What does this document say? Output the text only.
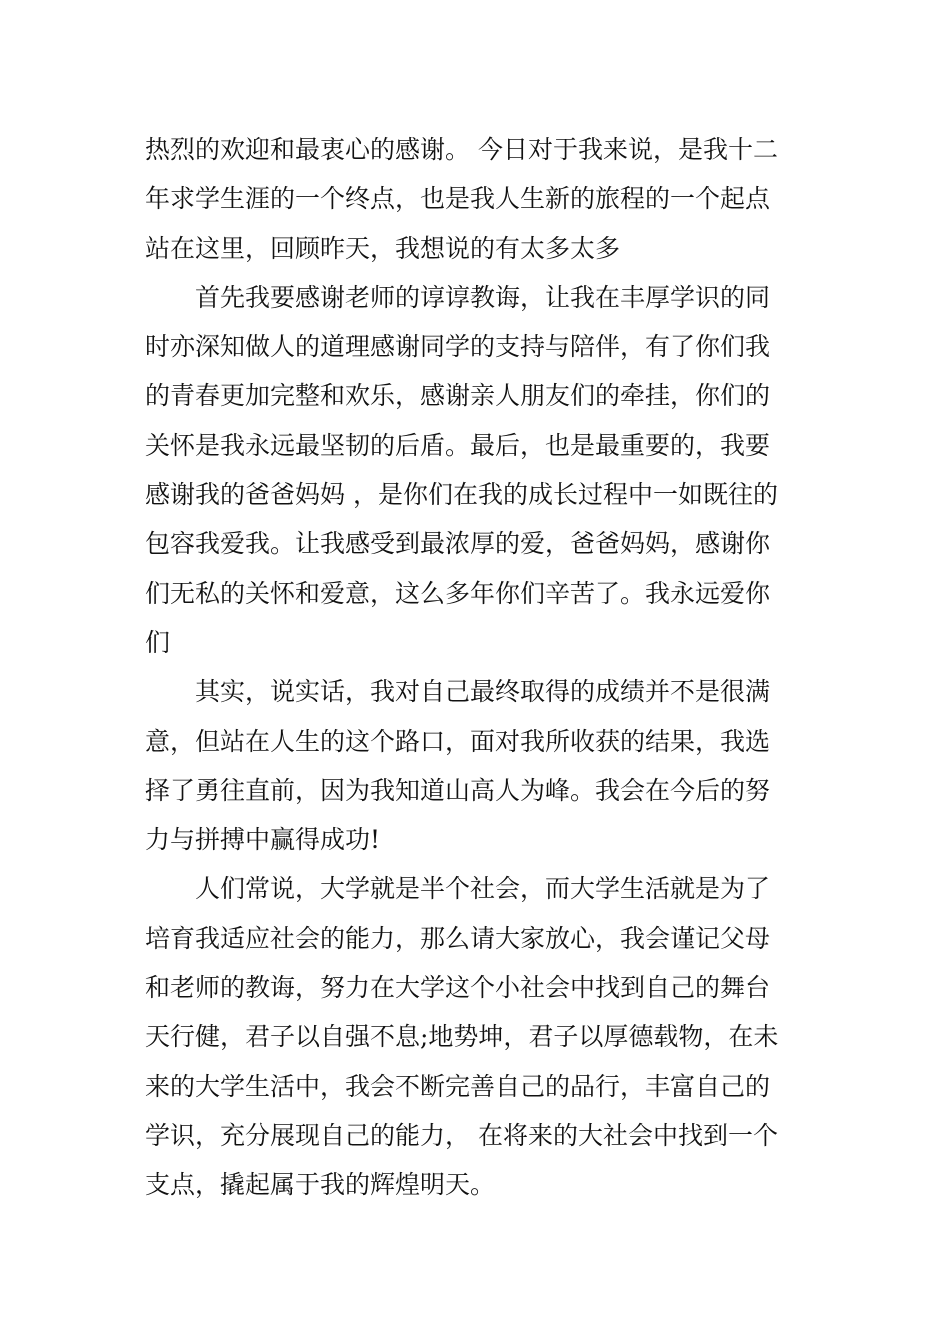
热烈的欢迎和最衷心的感谢。 今日对于我来说，是我十二
年求学生涯的一个终点，也是我人生新的旅程的一个起点
站在这里，回顾昨天，我想说的有太多太多

　　首先我要感谢老师的谆谆教诲，让我在丰厚学识的同
时亦深知做人的道理感谢同学的支持与陪伴，有了你们我
的青春更加完整和欢乐，感谢亲人朋友们的牵挂，你们的
关怀是我永远最坚韧的后盾。最后，也是最重要的，我要
感谢我的爸爸妈妈 ，是你们在我的成长过程中一如既往的
包容我爱我。让我感受到最浓厚的爱，爸爸妈妈，感谢你
们无私的关怀和爱意，这么多年你们辛苦了。我永远爱你
们

　　其实，说实话，我对自己最终取得的成绩并不是很满
意，但站在人生的这个路口，面对我所收获的结果，我选
择了勇往直前，因为我知道山高人为峰。我会在今后的努
力与拼搏中赢得成功!

　　人们常说，大学就是半个社会，而大学生活就是为了
培育我适应社会的能力，那么请大家放心，我会谨记父母
和老师的教诲，努力在大学这个小社会中找到自己的舞台
天行健，君子以自强不息;地势坤，君子以厚德载物，在未
来的大学生活中，我会不断完善自己的品行，丰富自己的
学识，充分展现自己的能力， 在将来的大社会中找到一个
支点，撬起属于我的辉煌明天。
